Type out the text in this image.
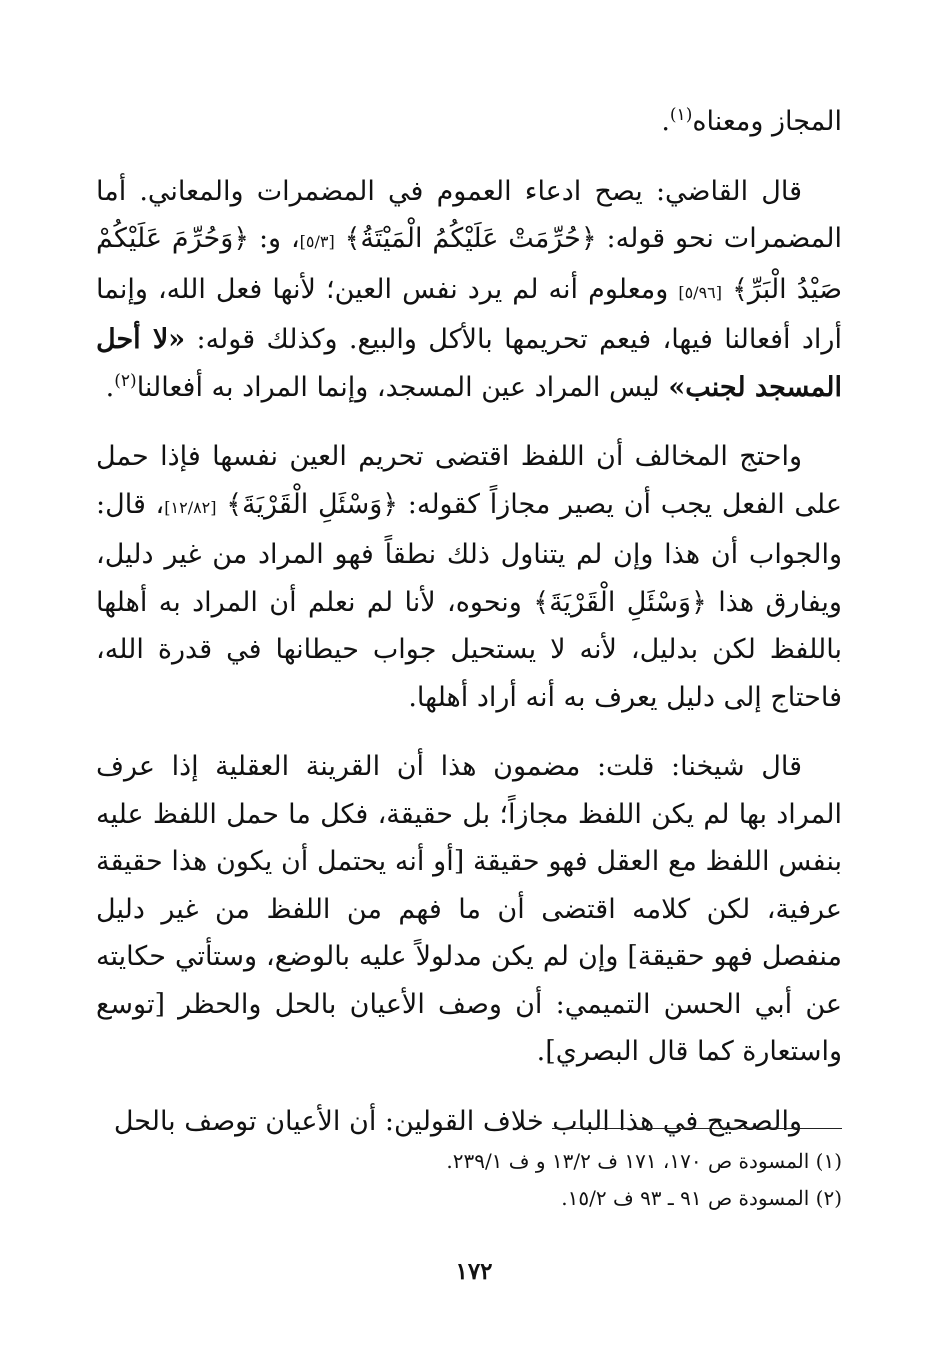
المجاز ومعناه$^{(١)}$.

قال القاضي: يصح ادعاء العموم في المضمرات والمعاني. أما المضمرات نحو قوله: ﴿حُرِّمَتْ عَلَيْكُمُ الْمَيْتَةُ﴾ [٥/٣]، و: ﴿وَحُرِّمَ عَلَيْكُمْ صَيْدُ الْبَرِّ﴾ [٥/٩٦] ومعلوم أنه لم يرد نفس العين؛ لأنها فعل الله، وإنما أراد أفعالنا فيها، فيعم تحريمها بالأكل والبيع. وكذلك قوله: «لا أحل المسجد لجنب» ليس المراد عين المسجد، وإنما المراد به أفعالنا$^{(٢)}$.

واحتج المخالف أن اللفظ اقتضى تحريم العين نفسها فإذا حمل على الفعل يجب أن يصير مجازاً كقوله: ﴿وَسْئَلِ الْقَرْيَةَ﴾ [١٢/٨٢]، قال: والجواب أن هذا وإن لم يتناول ذلك نطقاً فهو المراد من غير دليل، ويفارق هذا ﴿وَسْئَلِ الْقَرْيَةَ﴾ ونحوه، لأنا لم نعلم أن المراد به أهلها باللفظ لكن بدليل، لأنه لا يستحيل جواب حيطانها في قدرة الله، فاحتاج إلى دليل يعرف به أنه أراد أهلها.

قال شيخنا: قلت: مضمون هذا أن القرينة العقلية إذا عرف المراد بها لم يكن اللفظ مجازاً؛ بل حقيقة، فكل ما حمل اللفظ عليه بنفس اللفظ مع العقل فهو حقيقة [أو أنه يحتمل أن يكون هذا حقيقة عرفية، لكن كلامه اقتضى أن ما فهم من اللفظ من غير دليل منفصل فهو حقيقة] وإن لم يكن مدلولاً عليه بالوضع، وستأتي حكايته عن أبي الحسن التميمي: أن وصف الأعيان بالحل والحظر [توسع واستعارة كما قال البصري].

والصحيح في هذا الباب خلاف القولين: أن الأعيان توصف بالحل

(١) المسودة ص ١٧٠، ١٧١ ف ١٣/٢ و ف ٢٣٩/١.

(٢) المسودة ص ٩١ ـ ٩٣ ف ١٥/٢.

١٧٢
